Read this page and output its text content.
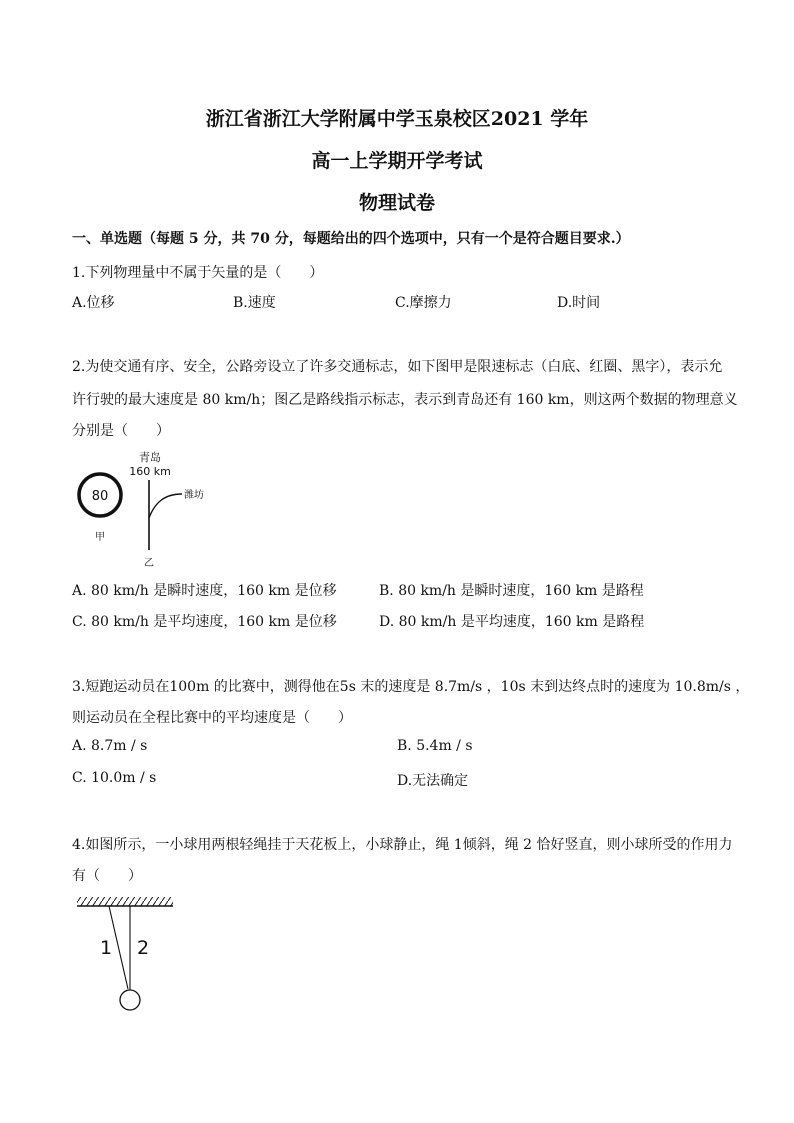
浙江省浙江大学附属中学玉泉校区2021 学年
高一上学期开学考试
物理试卷
一、单选题（每题 5 分，共 70 分，每题给出的四个选项中，只有一个是符合题目要求.）
1.下列物理量中不属于矢量的是（　　）
A.位移	B.速度	C.摩擦力	D.时间
2.为使交通有序、安全，公路旁设立了许多交通标志，如下图甲是限速标志（白底、红圈、黑字），表示允
许行驶的最大速度是 80 km/h；图乙是路线指示标志，表示到青岛还有 160 km，则这两个数据的物理意义
分别是（　　）
80
甲
青岛
160 km
潍坊
乙
A. 80 km/h 是瞬时速度，160 km 是位移	B. 80 km/h 是瞬时速度，160 km 是路程
C. 80 km/h 是平均速度，160 km 是位移	D. 80 km/h 是平均速度，160 km 是路程
3.短跑运动员在100m 的比赛中，测得他在5s 末的速度是 8.7m/s ，10s 末到达终点时的速度为 10.8m/s ，
则运动员在全程比赛中的平均速度是（　　）
A. 8.7m / s	B. 5.4m / s
C. 10.0m / s	D.无法确定
4.如图所示，一小球用两根轻绳挂于天花板上，小球静止，绳 1倾斜，绳 2 恰好竖直，则小球所受的作用力
有（　　）
1 2
